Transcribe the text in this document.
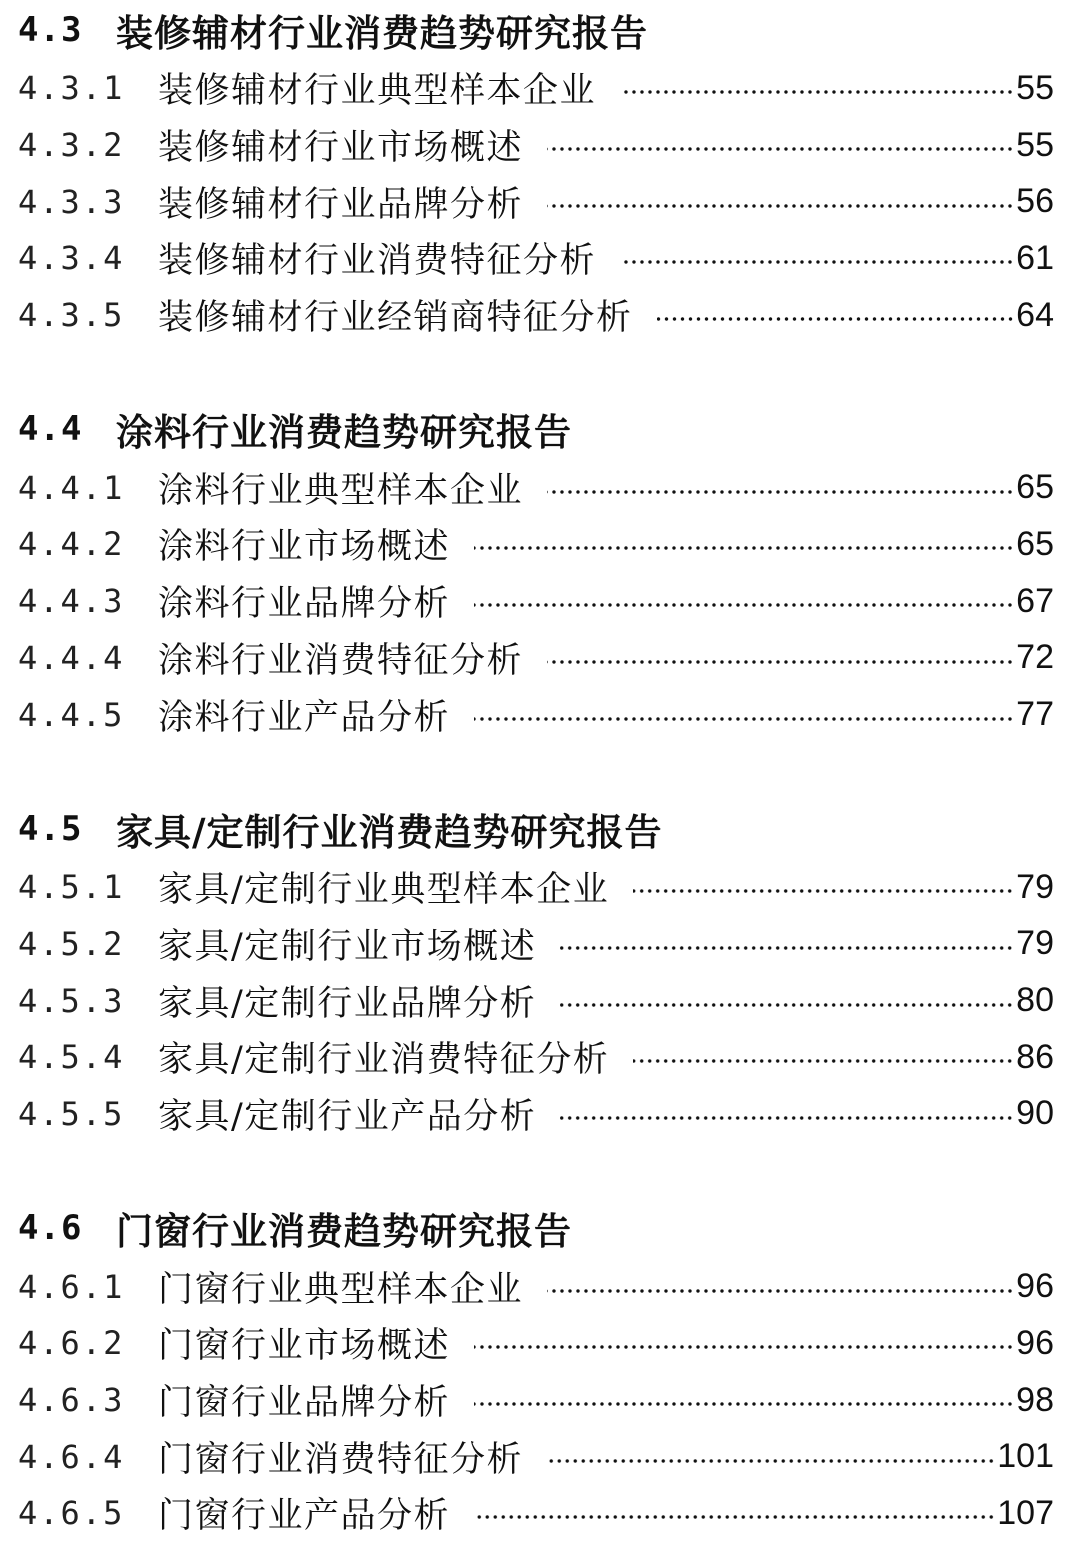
4.3 装修辅材行业消费趋势研究报告
4.3.1 装修辅材行业典型样本企业	55
4.3.2 装修辅材行业市场概述	55
4.3.3 装修辅材行业品牌分析	56
4.3.4 装修辅材行业消费特征分析	61
4.3.5 装修辅材行业经销商特征分析	64
4.4 涂料行业消费趋势研究报告
4.4.1 涂料行业典型样本企业	65
4.4.2 涂料行业市场概述	65
4.4.3 涂料行业品牌分析	67
4.4.4 涂料行业消费特征分析	72
4.4.5 涂料行业产品分析	77
4.5 家具/定制行业消费趋势研究报告
4.5.1 家具/定制行业典型样本企业	79
4.5.2 家具/定制行业市场概述	79
4.5.3 家具/定制行业品牌分析	80
4.5.4 家具/定制行业消费特征分析	86
4.5.5 家具/定制行业产品分析	90
4.6 门窗行业消费趋势研究报告
4.6.1 门窗行业典型样本企业	96
4.6.2 门窗行业市场概述	96
4.6.3 门窗行业品牌分析	98
4.6.4 门窗行业消费特征分析	101
4.6.5 门窗行业产品分析	107
